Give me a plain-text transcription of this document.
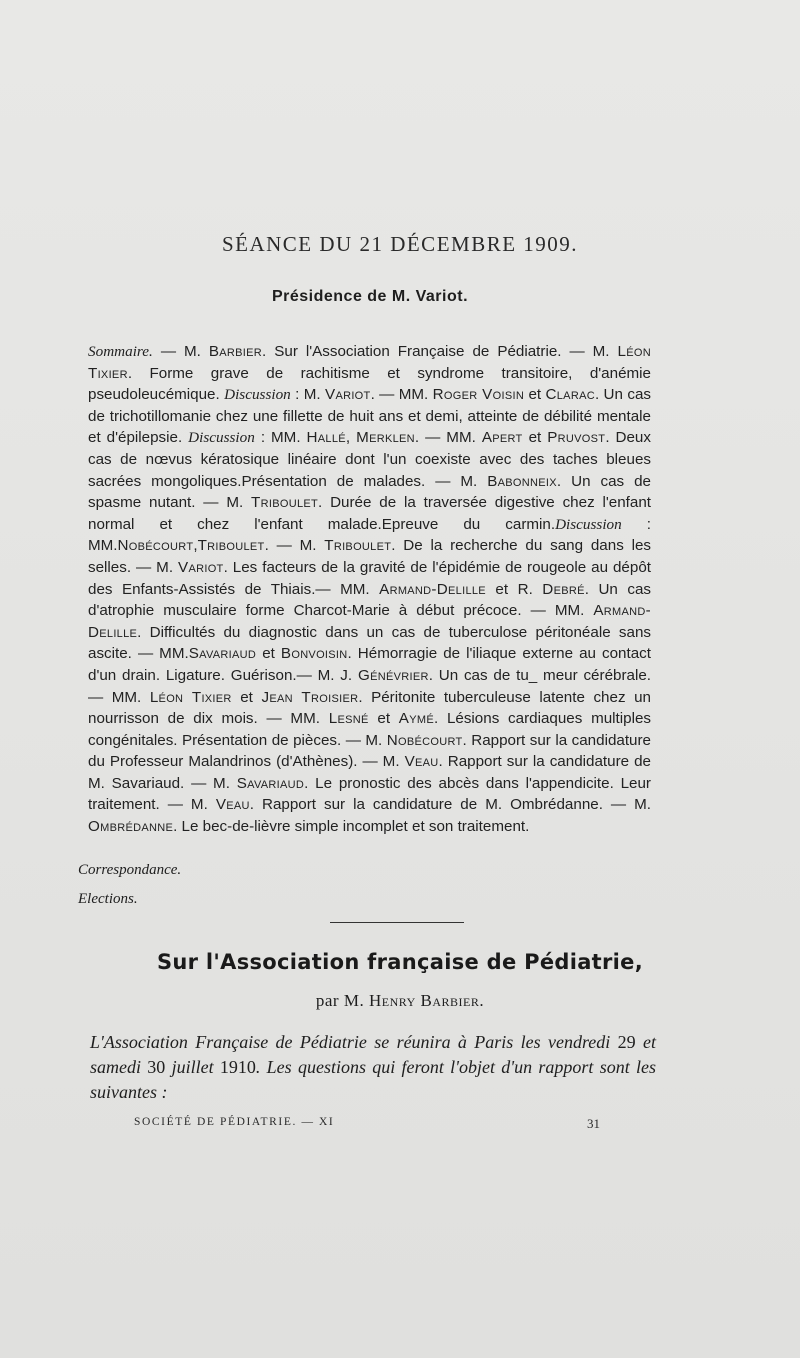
SÉANCE DU 21 DÉCEMBRE 1909.
Présidence de M. Variot.
Sommaire. — M. Barbier. Sur l'Association Française de Pédiatrie. — M. Léon Tixier. Forme grave de rachitisme et syndrome transitoire, d'anémie pseudoleucémique. Discussion : M. Variot. — MM. Roger Voisin et Clarac. Un cas de trichotillomanie chez une fillette de huit ans et demi, atteinte de débilité mentale et d'épilepsie. Discussion : MM. Hallé, Merklen. — MM. Apert et Pruvost. Deux cas de nœvus kératosique linéaire dont l'un coexiste avec des taches bleues sacrées mongoliques.Présentation de malades. — M. Babonneix. Un cas de spasme nutant. — M. Triboulet. Durée de la traversée digestive chez l'enfant normal et chez l'enfant malade.Epreuve du carmin.Discussion : MM.Nobécourt,Triboulet. — M. Triboulet. De la recherche du sang dans les selles. — M. Variot. Les facteurs de la gravité de l'épidémie de rougeole au dépôt des Enfants-Assistés de Thiais.— MM. Armand-Delille et R. Debré. Un cas d'atrophie musculaire forme Charcot-Marie à début précoce. — MM. Armand-Delille. Difficultés du diagnostic dans un cas de tuberculose péritonéale sans ascite. — MM.Savariaud et Bonvoisin. Hémorragie de l'iliaque externe au contact d'un drain. Ligature. Guérison.— M. J. Génévrier. Un cas de tu_ meur cérébrale. — MM. Léon Tixier et Jean Troisier. Péritonite tuberculeuse latente chez un nourrisson de dix mois. — MM. Lesné et Aymé. Lésions cardiaques multiples congénitales. Présentation de pièces. — M. Nobécourt. Rapport sur la candidature du Professeur Malandrinos (d'Athènes). — M. Veau. Rapport sur la candidature de M. Savariaud. — M. Savariaud. Le pronostic des abcès dans l'appendicite. Leur traitement. — M. Veau. Rapport sur la candidature de M. Ombrédanne. — M. Ombrédanne. Le bec-de-lièvre simple incomplet et son traitement.
Correspondance.
Elections.
Sur l'Association française de Pédiatrie,
par M. Henry Barbier.
L'Association Française de Pédiatrie se réunira à Paris les vendredi 29 et samedi 30 juillet 1910. Les questions qui feront l'objet d'un rapport sont les suivantes :
SOCIÉTÉ DE PÉDIATRIE. — XI	31
